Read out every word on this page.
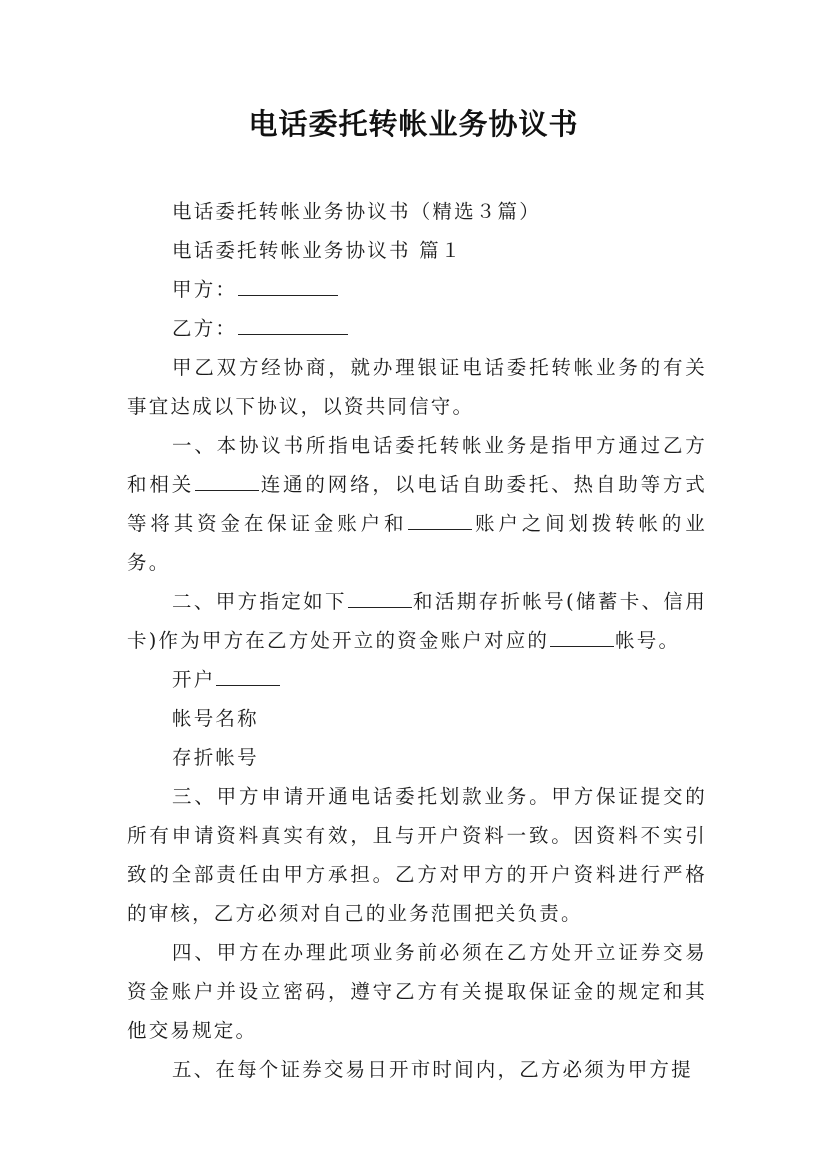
电话委托转帐业务协议书

电话委托转帐业务协议书（精选３篇）

电话委托转帐业务协议书 篇１

甲方：

乙方：

甲乙双方经协商，就办理银证电话委托转帐业务的有关事宜达成以下协议，以资共同信守。

一、本协议书所指电话委托转帐业务是指甲方通过乙方和相关	连通的网络，以电话自助委托、热自助等方式等将其资金在保证金账户和	账户之间划拨转帐的业务。

二、甲方指定如下	和活期存折帐号(储蓄卡、信用卡)作为甲方在乙方处开立的资金账户对应的	帐号。

开户

帐号名称

存折帐号

三、甲方申请开通电话委托划款业务。甲方保证提交的所有申请资料真实有效，且与开户资料一致。因资料不实引致的全部责任由甲方承担。乙方对甲方的开户资料进行严格的审核，乙方必须对自己的业务范围把关负责。

四、甲方在办理此项业务前必须在乙方处开立证券交易资金账户并设立密码，遵守乙方有关提取保证金的规定和其他交易规定。

五、在每个证券交易日开市时间内，乙方必须为甲方提
